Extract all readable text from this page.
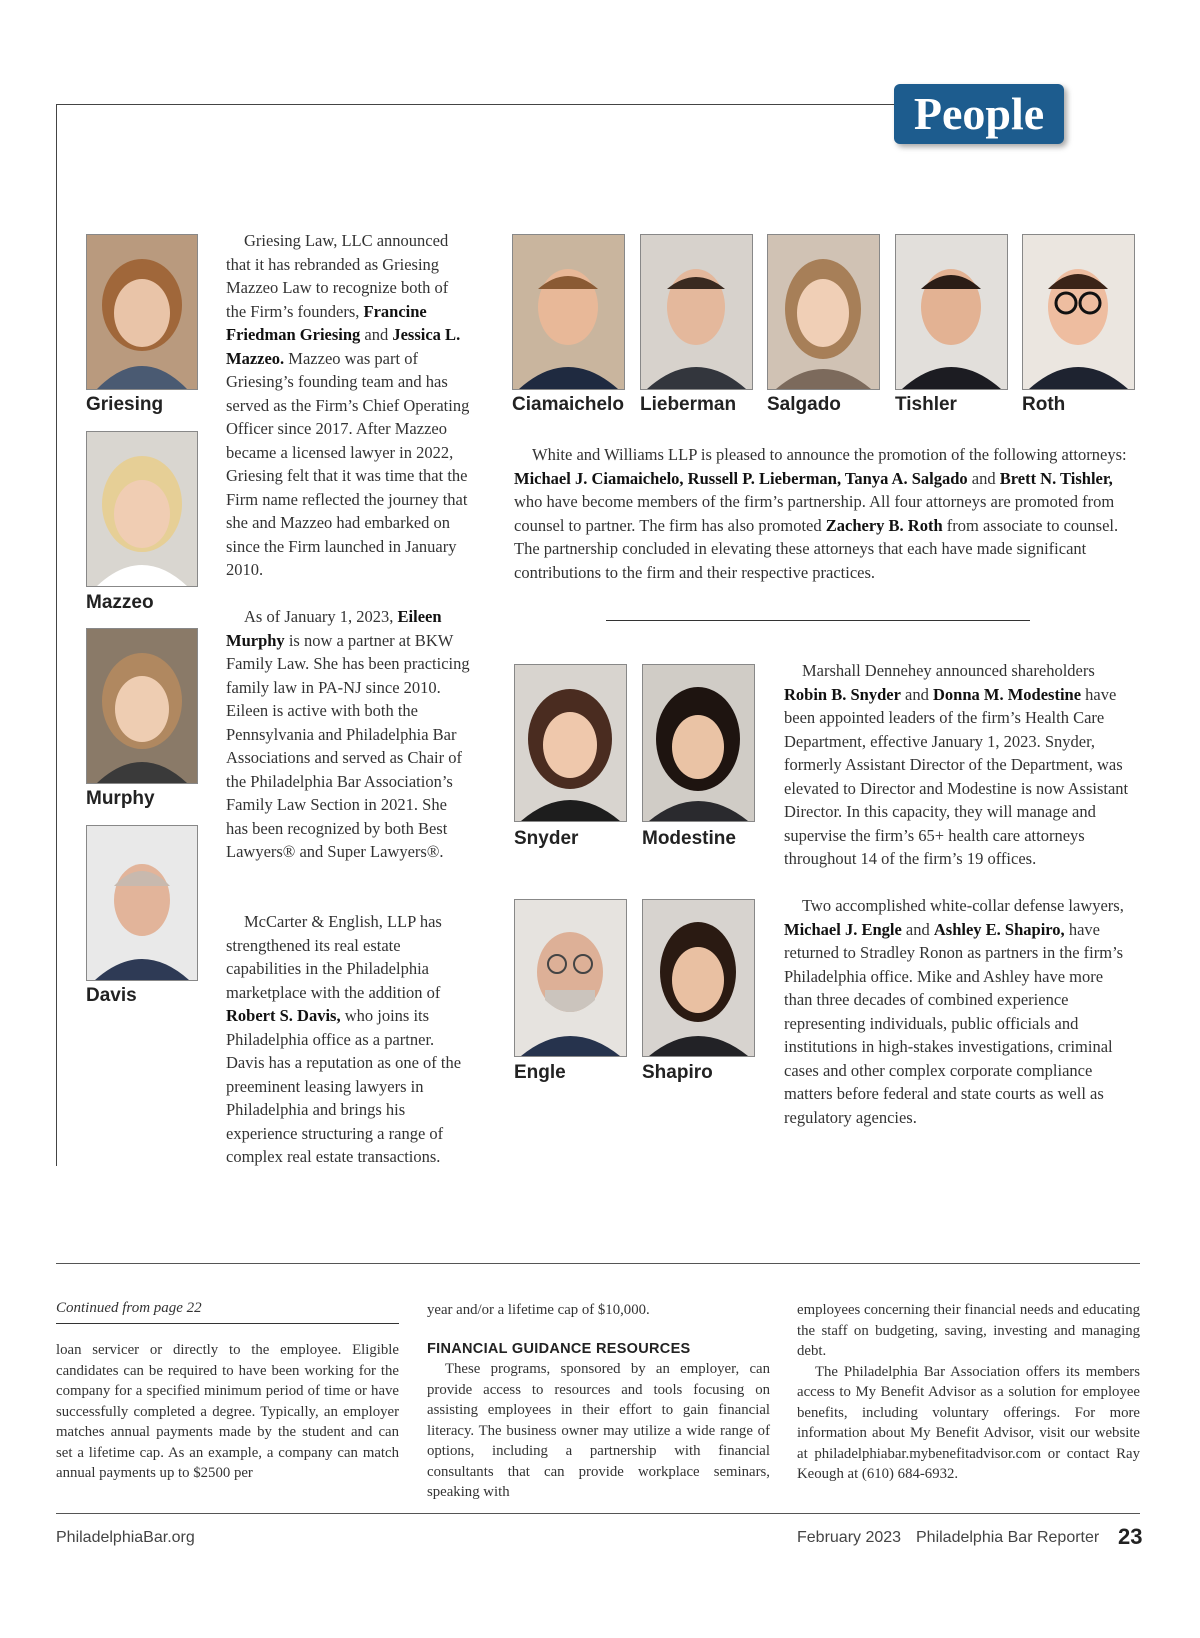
People
Griesing
Mazzeo
Murphy
Davis

Griesing Law, LLC announced that it has rebranded as Griesing Mazzeo Law to recognize both of the Firm’s founders, Francine Friedman Griesing and Jessica L. Mazzeo. Mazzeo was part of Griesing’s founding team and has served as the Firm’s Chief Operating Officer since 2017. After Mazzeo became a licensed lawyer in 2022, Griesing felt that it was time that the Firm name reflected the journey that she and Mazzeo had embarked on since the Firm launched in January 2010.

As of January 1, 2023, Eileen Murphy is now a partner at BKW Family Law. She has been practicing family law in PA-NJ since 2010. Eileen is active with both the Pennsylvania and Philadelphia Bar Associations and served as Chair of the Philadelphia Bar Association’s Family Law Section in 2021. She has been recognized by both Best Lawyers® and Super Lawyers®.

McCarter & English, LLP has strengthened its real estate capabilities in the Philadelphia marketplace with the addition of Robert S. Davis, who joins its Philadelphia office as a partner. Davis has a reputation as one of the preeminent leasing lawyers in Philadelphia and brings his experience structuring a range of complex real estate transactions.

Ciamaichelo Lieberman Salgado	Tishler	Roth

White and Williams LLP is pleased to announce the promotion of the following attorneys: Michael J. Ciamaichelo, Russell P. Lieberman, Tanya A. Salgado and Brett N. Tishler, who have become members of the firm’s partnership. All four attorneys are promoted from counsel to partner. The firm has also promoted Zachery B. Roth from associate to counsel. The partnership concluded in elevating these attorneys that each have made significant contributions to the firm and their respective practices.

Snyder	Modestine

Marshall Dennehey announced shareholders Robin B. Snyder and Donna M. Modestine have been appointed leaders of the firm’s Health Care Department, effective January 1, 2023. Snyder, formerly Assistant Director of the Department, was elevated to Director and Modestine is now Assistant Director. In this capacity, they will manage and supervise the firm’s 65+ health care attorneys throughout 14 of the firm’s 19 offices.

Engle	Shapiro

Two accomplished white-collar defense lawyers, Michael J. Engle and Ashley E. Shapiro, have returned to Stradley Ronon as partners in the firm’s Philadelphia office. Mike and Ashley have more than three decades of combined experience representing individuals, public officials and institutions in high-stakes investigations, criminal cases and other complex corporate compliance matters before federal and state courts as well as regulatory agencies.

Continued from page 22
loan servicer or directly to the employee. Eligible candidates can be required to have been working for the company for a specified minimum period of time or have successfully completed a degree. Typically, an employer matches annual payments made by the student and can set a lifetime cap. As an example, a company can match annual payments up to $2500 per

year and/or a lifetime cap of $10,000.

FINANCIAL GUIDANCE RESOURCES

These programs, sponsored by an employer, can provide access to resources and tools focusing on assisting employees in their effort to gain financial literacy. The business owner may utilize a wide range of options, including a partnership with financial consultants that can provide workplace seminars, speaking with

employees concerning their financial needs and educating the staff on budgeting, saving, investing and managing debt.

The Philadelphia Bar Association offers its members access to My Benefit Advisor as a solution for employee benefits, including voluntary offerings. For more information about My Benefit Advisor, visit our website at philadelphiabar.mybenefitadvisor.com or contact Ray Keough at (610) 684-6932.

PhiladelphiaBar.org	February 2023 Philadelphia Bar Reporter 23
